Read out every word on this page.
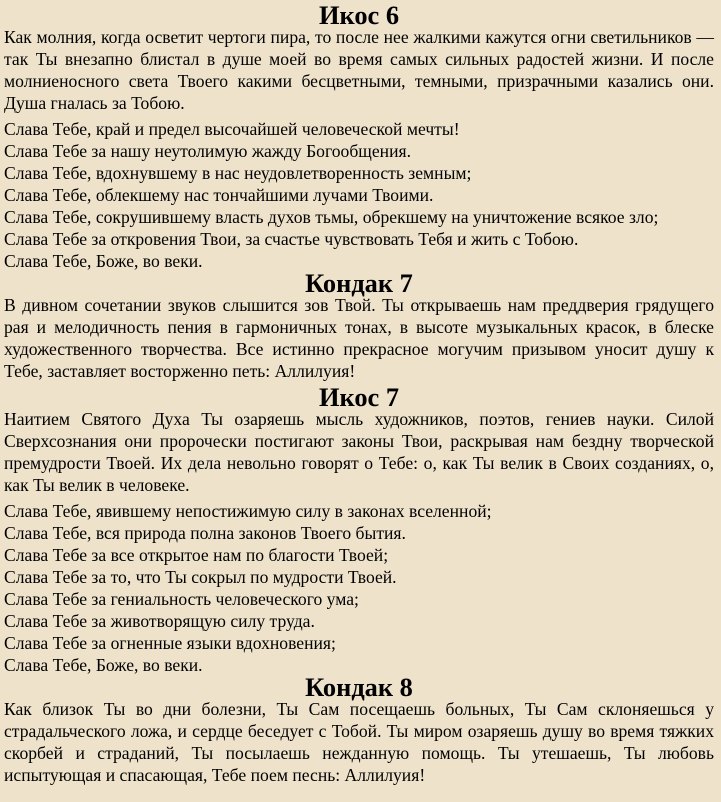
Икос 6

Как молния, когда осветит чертоги пира, то после нее жалкими кажутся огни светильников — так Ты внезапно блистал в душе моей во время самых сильных радостей жизни. И после молниеносного света Твоего какими бесцветными, темными, призрачными казались они. Душа гналась за Тобою.

Слава Тебе, край и предел высочайшей человеческой мечты!

Слава Тебе за нашу неутолимую жажду Богообщения.

Слава Тебе, вдохнувшему в нас неудовлетворенность земным;

Слава Тебе, облекшему нас тончайшими лучами Твоими.

Слава Тебе, сокрушившему власть духов тьмы, обрекшему на уничтожение всякое зло;

Слава Тебе за откровения Твои, за счастье чувствовать Тебя и жить с Тобою.

Слава Тебе, Боже, во веки.

Кондак 7

В дивном сочетании звуков слышится зов Твой. Ты открываешь нам преддверия грядущего рая и мелодичность пения в гармоничных тонах, в высоте музыкальных красок, в блеске художественного творчества. Все истинно прекрасное могучим призывом уносит душу к Тебе, заставляет восторженно петь: Аллилуия!

Икос 7

Наитием Святого Духа Ты озаряешь мысль художников, поэтов, гениев науки. Силой Сверхсознания они пророчески постигают законы Твои, раскрывая нам бездну творческой премудрости Твоей. Их дела невольно говорят о Тебе: о, как Ты велик в Своих созданиях, о, как Ты велик в человеке.

Слава Тебе, явившему непостижимую силу в законах вселенной;

Слава Тебе, вся природа полна законов Твоего бытия.

Слава Тебе за все открытое нам по благости Твоей;

Слава Тебе за то, что Ты сокрыл по мудрости Твоей.

Слава Тебе за гениальность человеческого ума;

Слава Тебе за животворящую силу труда.

Слава Тебе за огненные языки вдохновения;

Слава Тебе, Боже, во веки.

Кондак 8

Как близок Ты во дни болезни, Ты Сам посещаешь больных, Ты Сам склоняешься у страдальческого ложа, и сердце беседует с Тобой. Ты миром озаряешь душу во время тяжких скорбей и страданий, Ты посылаешь нежданную помощь. Ты утешаешь, Ты любовь испытующая и спасающая, Тебе поем песнь: Аллилуия!
